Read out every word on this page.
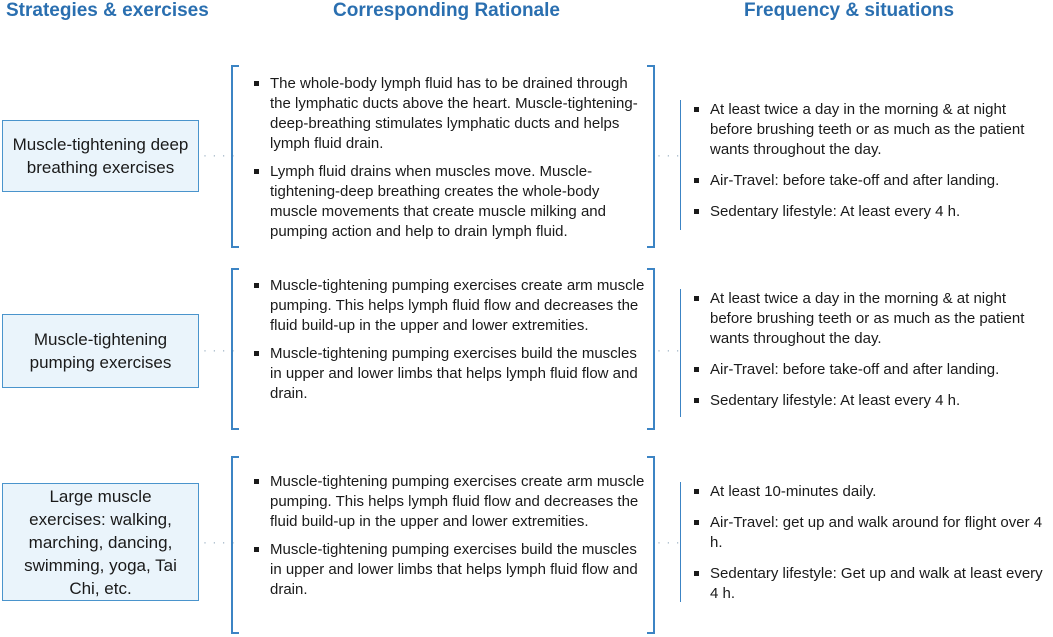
Strategies & exercises	Corresponding Rationale	Frequency & situations
Muscle-tightening deep breathing exercises
· · · ·
The whole-body lymph fluid has to be drained through the lymphatic ducts above the heart. Muscle-tightening-deep-breathing stimulates lymphatic ducts and helps lymph fluid drain.
Lymph fluid drains when muscles move. Muscle-tightening-deep breathing creates the whole-body muscle movements that create muscle milking and pumping action and help to drain lymph fluid.
· · ·
At least twice a day in the morning & at night before brushing teeth or as much as the patient wants throughout the day.
Air-Travel: before take-off and after landing.
Sedentary lifestyle: At least every 4 h.
Muscle-tightening pumping exercises
· · · ·
Muscle-tightening pumping exercises create arm muscle pumping. This helps lymph fluid flow and decreases the fluid build-up in the upper and lower extremities.
Muscle-tightening pumping exercises build the muscles in upper and lower limbs that helps lymph fluid flow and drain.
· · ·
At least twice a day in the morning & at night before brushing teeth or as much as the patient wants throughout the day.
Air-Travel: before take-off and after landing.
Sedentary lifestyle: At least every 4 h.
Large muscle exercises: walking, marching, dancing, swimming, yoga, Tai Chi, etc.
· · · ·
Muscle-tightening pumping exercises create arm muscle pumping. This helps lymph fluid flow and decreases the fluid build-up in the upper and lower extremities.
Muscle-tightening pumping exercises build the muscles in upper and lower limbs that helps lymph fluid flow and drain.
· · ·
At least 10-minutes daily.
Air-Travel: get up and walk around for flight over 4 h.
Sedentary lifestyle: Get up and walk at least every 4 h.
